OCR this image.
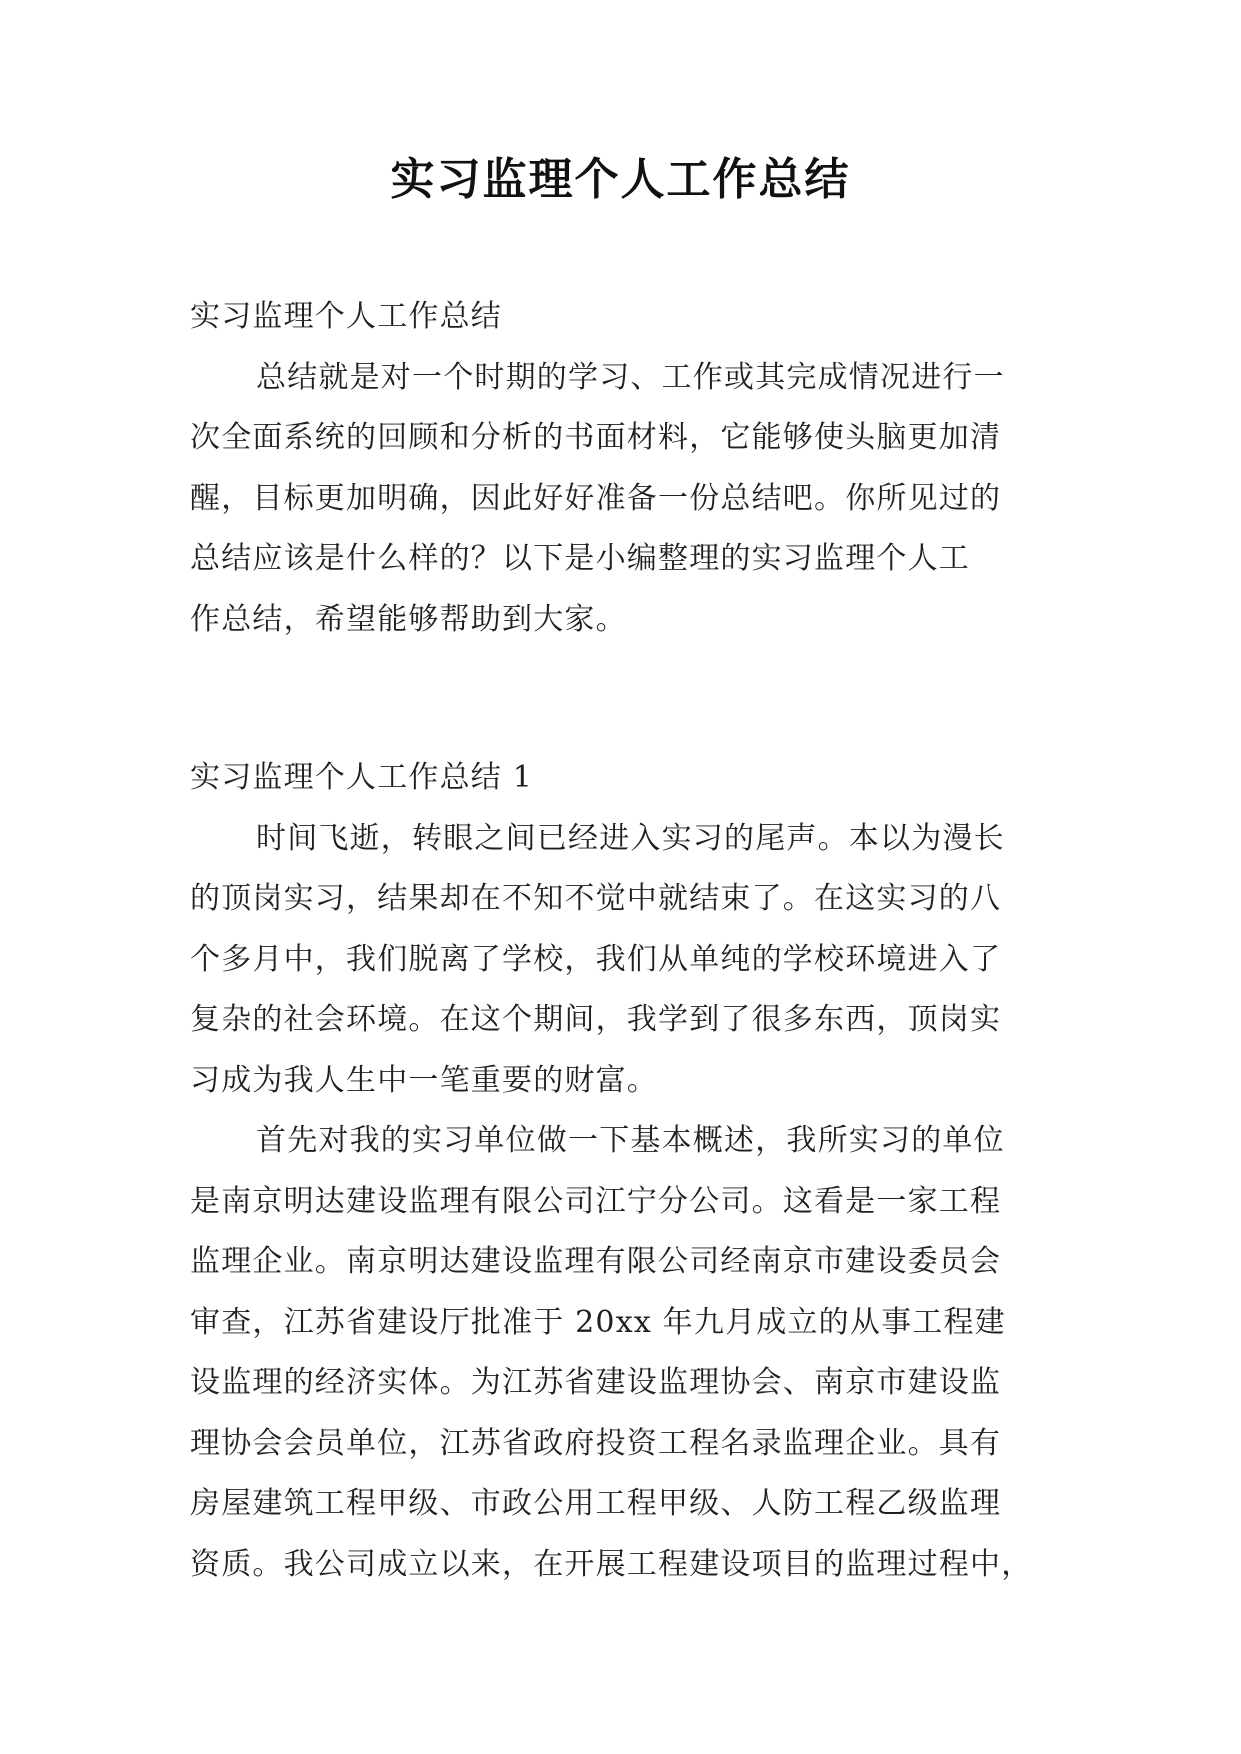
实习监理个人工作总结
实习监理个人工作总结
总结就是对一个时期的学习、工作或其完成情况进行一
次全面系统的回顾和分析的书面材料，它能够使头脑更加清
醒，目标更加明确，因此好好准备一份总结吧。你所见过的
总结应该是什么样的？以下是小编整理的实习监理个人工
作总结，希望能够帮助到大家。
实习监理个人工作总结 1
时间飞逝，转眼之间已经进入实习的尾声。本以为漫长
的顶岗实习，结果却在不知不觉中就结束了。在这实习的八
个多月中，我们脱离了学校，我们从单纯的学校环境进入了
复杂的社会环境。在这个期间，我学到了很多东西，顶岗实
习成为我人生中一笔重要的财富。
首先对我的实习单位做一下基本概述，我所实习的单位
是南京明达建设监理有限公司江宁分公司。这看是一家工程
监理企业。南京明达建设监理有限公司经南京市建设委员会
审查，江苏省建设厅批准于 20xx 年九月成立的从事工程建
设监理的经济实体。为江苏省建设监理协会、南京市建设监
理协会会员单位，江苏省政府投资工程名录监理企业。具有
房屋建筑工程甲级、市政公用工程甲级、人防工程乙级监理
资质。我公司成立以来，在开展工程建设项目的监理过程中，
